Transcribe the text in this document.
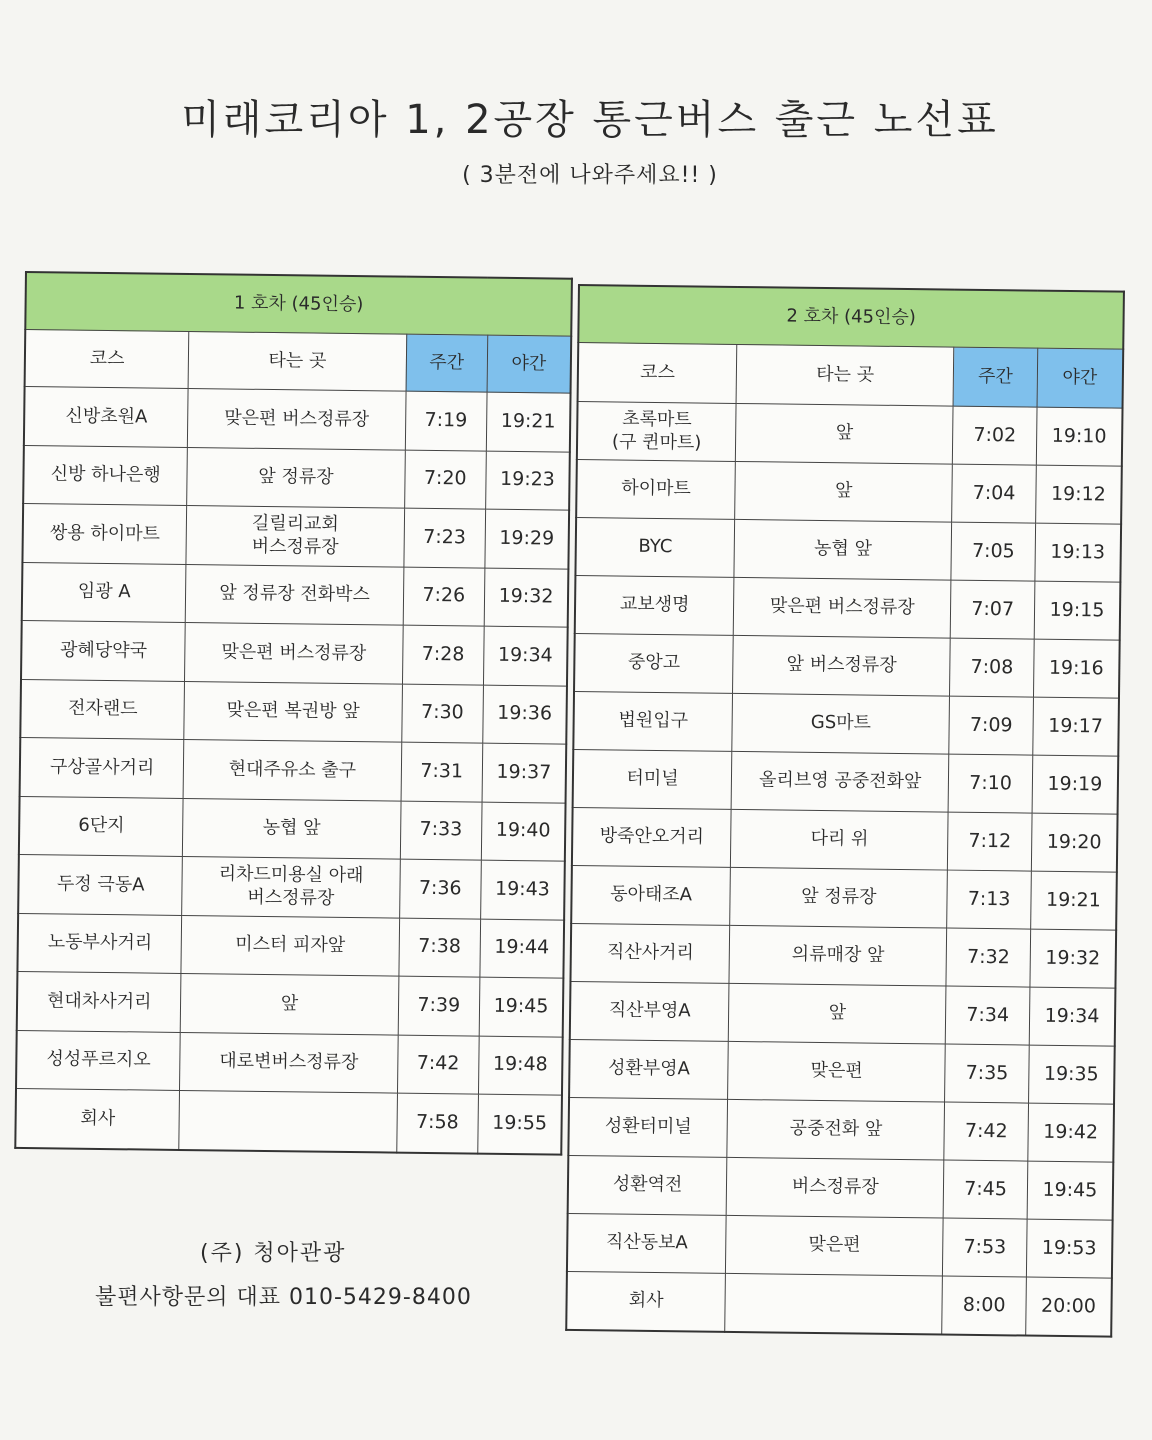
미래코리아 1, 2공장 통근버스 출근 노선표
( 3분전에 나와주세요!! )
1 호차 (45인승)			
코스	타는 곳	주간	야간
신방초원A	맞은편 버스정류장	7:19	19:21
신방 하나은행	앞 정류장	7:20	19:23
쌍용 하이마트	길릴리교회
버스정류장	7:23	19:29
임광 A	앞 정류장 전화박스	7:26	19:32
광혜당약국	맞은편 버스정류장	7:28	19:34
전자랜드	맞은편 복권방 앞	7:30	19:36
구상골사거리	현대주유소 출구	7:31	19:37
6단지	농협 앞	7:33	19:40
두정 극동A	리차드미용실 아래
버스정류장	7:36	19:43
노동부사거리	미스터 피자앞	7:38	19:44
현대차사거리	앞	7:39	19:45
성성푸르지오	대로변버스정류장	7:42	19:48
회사		7:58	19:55
2 호차 (45인승)			
코스	타는 곳	주간	야간
초록마트
(구 퀸마트)	앞	7:02	19:10
하이마트	앞	7:04	19:12
BYC	농협 앞	7:05	19:13
교보생명	맞은편 버스정류장	7:07	19:15
중앙고	앞 버스정류장	7:08	19:16
법원입구	GS마트	7:09	19:17
터미널	올리브영 공중전화앞	7:10	19:19
방죽안오거리	다리 위	7:12	19:20
동아태조A	앞 정류장	7:13	19:21
직산사거리	의류매장 앞	7:32	19:32
직산부영A	앞	7:34	19:34
성환부영A	맞은편	7:35	19:35
성환터미널	공중전화 앞	7:42	19:42
성환역전	버스정류장	7:45	19:45
직산동보A	맞은편	7:53	19:53
회사		8:00	20:00
(주) 청아관광
불편사항문의 대표 010-5429-8400
